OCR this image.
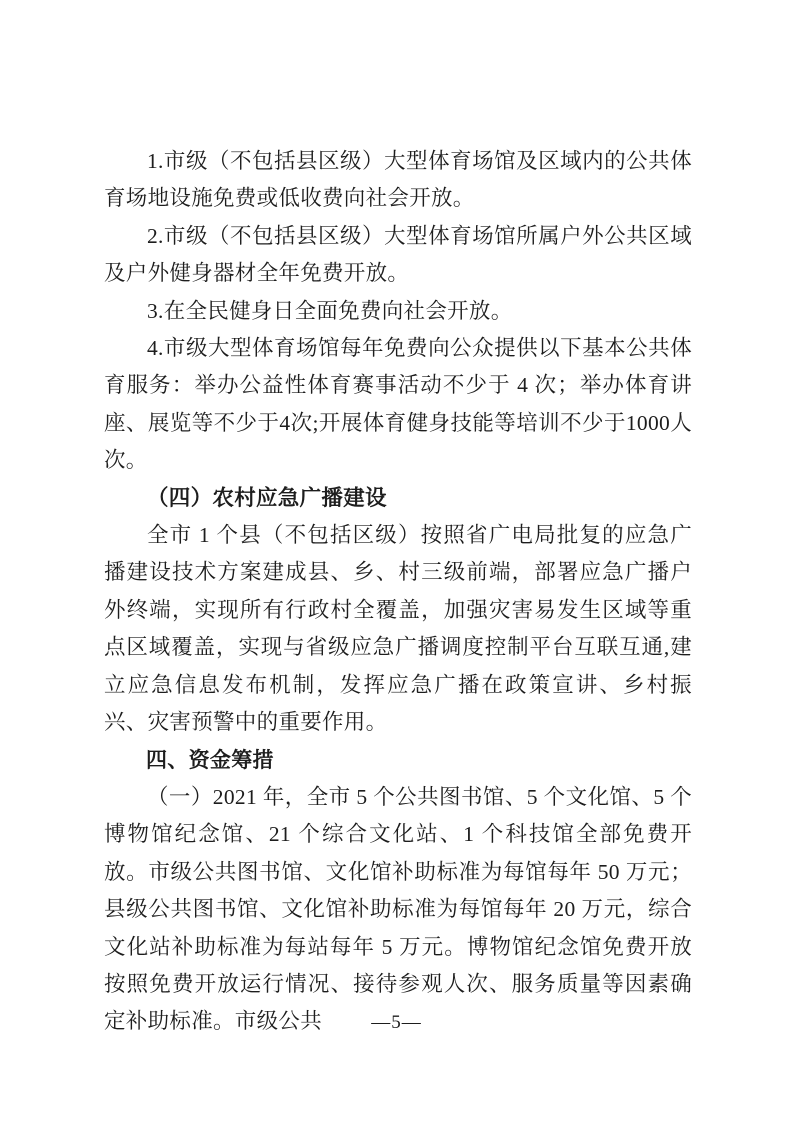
1.市级（不包括县区级）大型体育场馆及区域内的公共体育场地设施免费或低收费向社会开放。

2.市级（不包括县区级）大型体育场馆所属户外公共区域及户外健身器材全年免费开放。

3.在全民健身日全面免费向社会开放。

4.市级大型体育场馆每年免费向公众提供以下基本公共体育服务：举办公益性体育赛事活动不少于 4 次；举办体育讲座、展览等不少于4次;开展体育健身技能等培训不少于1000人次。

（四）农村应急广播建设

全市 1 个县（不包括区级）按照省广电局批复的应急广播建设技术方案建成县、乡、村三级前端，部署应急广播户外终端，实现所有行政村全覆盖，加强灾害易发生区域等重点区域覆盖，实现与省级应急广播调度控制平台互联互通,建立应急信息发布机制，发挥应急广播在政策宣讲、乡村振兴、灾害预警中的重要作用。

四、资金筹措

（一）2021 年，全市 5 个公共图书馆、5 个文化馆、5 个博物馆纪念馆、21 个综合文化站、1 个科技馆全部免费开放。市级公共图书馆、文化馆补助标准为每馆每年 50 万元；县级公共图书馆、文化馆补助标准为每馆每年 20 万元，综合文化站补助标准为每站每年 5 万元。博物馆纪念馆免费开放按照免费开放运行情况、接待参观人次、服务质量等因素确定补助标准。市级公共	—5—
